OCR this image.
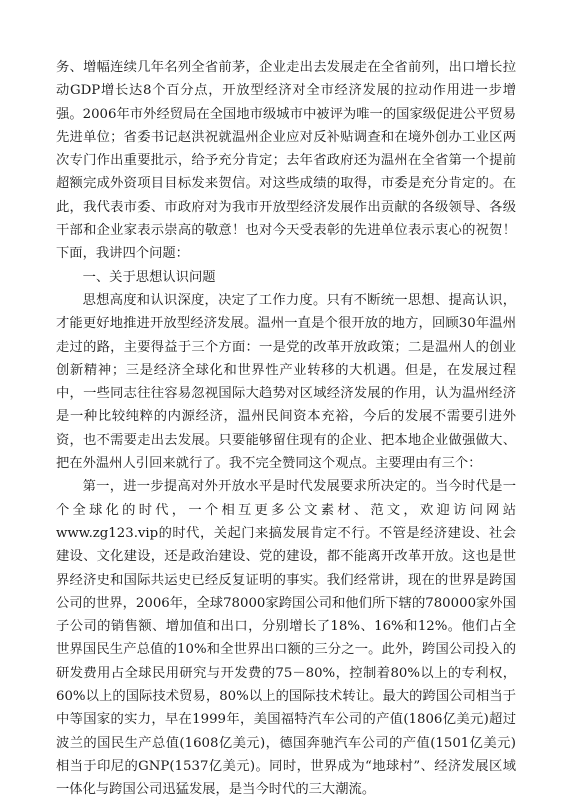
务、增幅连续几年名列全省前茅，企业走出去发展走在全省前列，出口增长拉动GDP增长达8个百分点，开放型经济对全市经济发展的拉动作用进一步增强。2006年市外经贸局在全国地市级城市中被评为唯一的国家级促进公平贸易先进单位；省委书记赵洪祝就温州企业应对反补贴调查和在境外创办工业区两次专门作出重要批示，给予充分肯定；去年省政府还为温州在全省第一个提前超额完成外资项目目标发来贺信。对这些成绩的取得，市委是充分肯定的。在此，我代表市委、市政府对为我市开放型经济发展作出贡献的各级领导、各级干部和企业家表示崇高的敬意！也对今天受表彰的先进单位表示衷心的祝贺！下面，我讲四个问题：

一、关于思想认识问题

思想高度和认识深度，决定了工作力度。只有不断统一思想、提高认识，才能更好地推进开放型经济发展。温州一直是个很开放的地方，回顾30年温州走过的路，主要得益于三个方面：一是党的改革开放政策；二是温州人的创业创新精神；三是经济全球化和世界性产业转移的大机遇。但是，在发展过程中，一些同志往往容易忽视国际大趋势对区域经济发展的作用，认为温州经济是一种比较纯粹的内源经济，温州民间资本充裕，今后的发展不需要引进外资，也不需要走出去发展。只要能够留住现有的企业、把本地企业做强做大、把在外温州人引回来就行了。我不完全赞同这个观点。主要理由有三个：

第一，进一步提高对外开放水平是时代发展要求所决定的。当今时代是一个全球化的时代，一个相互更多公文素材、范文，欢迎访问网站www.zg123.vip的时代，关起门来搞发展肯定不行。不管是经济建设、社会建设、文化建设，还是政治建设、党的建设，都不能离开改革开放。这也是世界经济史和国际共运史已经反复证明的事实。我们经常讲，现在的世界是跨国公司的世界，2006年，全球78000家跨国公司和他们所下辖的780000家外国子公司的销售额、增加值和出口，分别增长了18%、16%和12%。他们占全世界国民生产总值的10%和全世界出口额的三分之一。此外，跨国公司投入的研发费用占全球民用研究与开发费的75－80%，控制着80%以上的专利权，60%以上的国际技术贸易，80%以上的国际技术转让。最大的跨国公司相当于中等国家的实力，早在1999年，美国福特汽车公司的产值(1806亿美元)超过波兰的国民生产总值(1608亿美元)，德国奔驰汽车公司的产值(1501亿美元)相当于印尼的GNP(1537亿美元)。同时，世界成为“地球村”、经济发展区域一体化与跨国公司迅猛发展，是当今时代的三大潮流。
